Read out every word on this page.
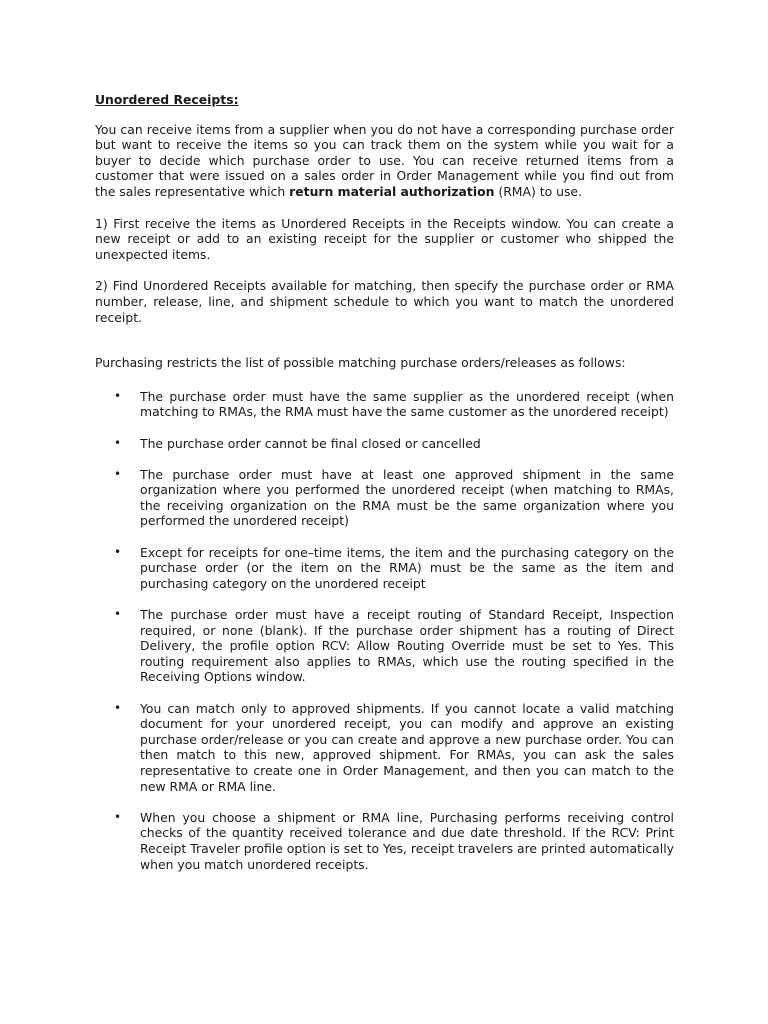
Unordered Receipts:

You can receive items from a supplier when you do not have a corresponding purchase order but want to receive the items so you can track them on the system while you wait for a buyer to decide which purchase order to use. You can receive returned items from a customer that were issued on a sales order in Order Management while you find out from the sales representative which return material authorization (RMA) to use.

1) First receive the items as Unordered Receipts in the Receipts window. You can create a new receipt or add to an existing receipt for the supplier or customer who shipped the unexpected items.

2) Find Unordered Receipts available for matching, then specify the purchase order or RMA number, release, line, and shipment schedule to which you want to match the unordered receipt.

Purchasing restricts the list of possible matching purchase orders/releases as follows:

• The purchase order must have the same supplier as the unordered receipt (when matching to RMAs, the RMA must have the same customer as the unordered receipt)
• The purchase order cannot be final closed or cancelled
• The purchase order must have at least one approved shipment in the same organization where you performed the unordered receipt (when matching to RMAs, the receiving organization on the RMA must be the same organization where you performed the unordered receipt)
• Except for receipts for one–time items, the item and the purchasing category on the purchase order (or the item on the RMA) must be the same as the item and purchasing category on the unordered receipt
• The purchase order must have a receipt routing of Standard Receipt, Inspection required, or none (blank). If the purchase order shipment has a routing of Direct Delivery, the profile option RCV: Allow Routing Override must be set to Yes. This routing requirement also applies to RMAs, which use the routing specified in the Receiving Options window.
• You can match only to approved shipments. If you cannot locate a valid matching document for your unordered receipt, you can modify and approve an existing purchase order/release or you can create and approve a new purchase order. You can then match to this new, approved shipment. For RMAs, you can ask the sales representative to create one in Order Management, and then you can match to the new RMA or RMA line.
• When you choose a shipment or RMA line, Purchasing performs receiving control checks of the quantity received tolerance and due date threshold. If the RCV: Print Receipt Traveler profile option is set to Yes, receipt travelers are printed automatically when you match unordered receipts.
